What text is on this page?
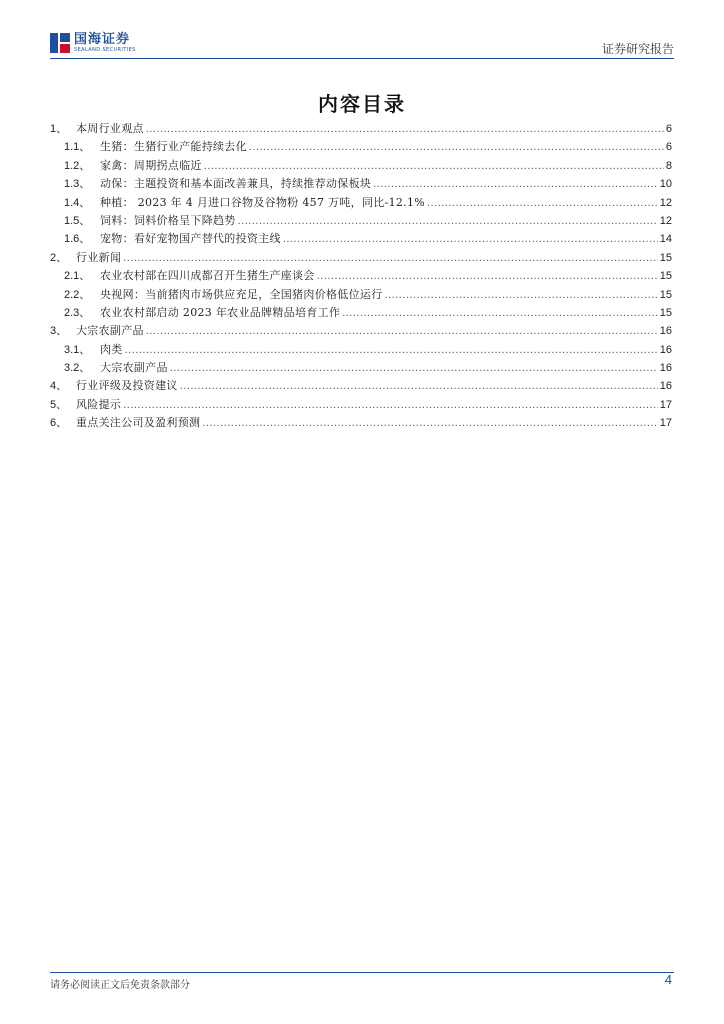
国海证券
SEALAND SECURITIES	证券研究报告
内容目录
1、 本周行业观点 .....	6
1.1、 生猪：生猪行业产能持续去化 .....	6
1.2、 家禽：周期拐点临近 .....	8
1.3、 动保：主题投资和基本面改善兼具，持续推荐动保板块 .....	10
1.4、 种植： 2023 年 4 月进口谷物及谷物粉 457 万吨，同比-12.1% .....	12
1.5、 饲料：饲料价格呈下降趋势 .....	12
1.6、 宠物：看好宠物国产替代的投资主线 .....	14
2、 行业新闻 .....	15
2.1、 农业农村部在四川成都召开生猪生产座谈会 .....	15
2.2、 央视网：当前猪肉市场供应充足，全国猪肉价格低位运行 .....	15
2.3、 农业农村部启动 2023 年农业品牌精品培育工作 .....	15
3、 大宗农副产品 .....	16
3.1、 肉类 .....	16
3.2、 大宗农副产品 .....	16
4、 行业评级及投资建议 .....	16
5、 风险提示 .....	17
6、 重点关注公司及盈利预测 .....	17
请务必阅读正文后免责条款部分	4
